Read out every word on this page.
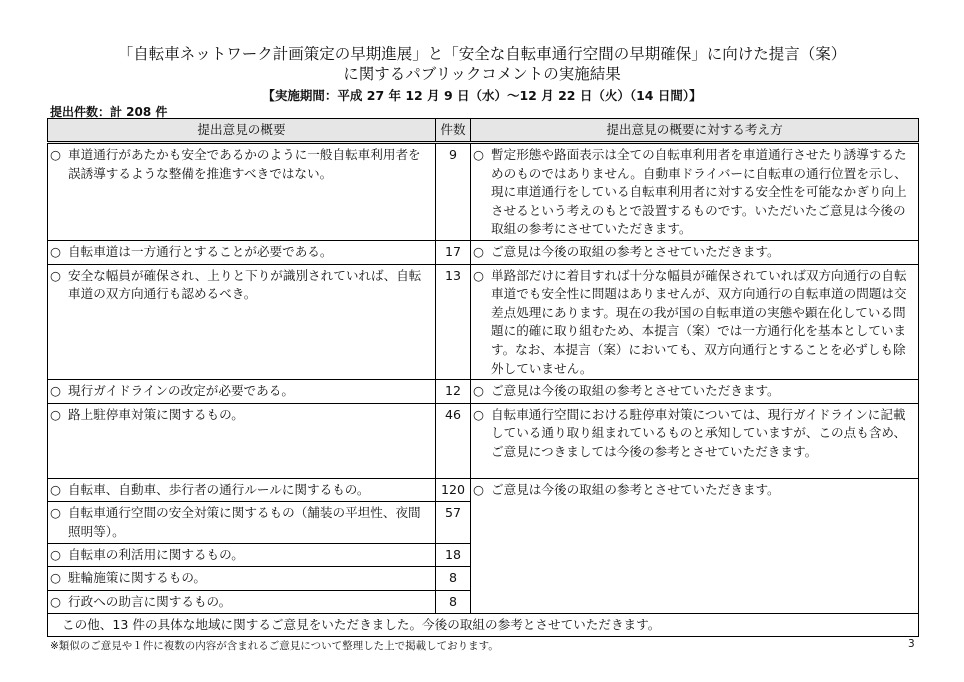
「自転車ネットワーク計画策定の早期進展」と「安全な自転車通行空間の早期確保」に向けた提言（案）
に関するパブリックコメントの実施結果
【実施期間：平成 27 年 12 月 9 日（水）～12 月 22 日（火）（14 日間）】
提出件数：計 208 件
提出意見の概要	件数	提出意見の概要に対する考え方
○ 車道通行があたかも安全であるかのように一般自転車利用者を誤誘導するような整備を推進すべきではない。	9	○ 暫定形態や路面表示は全ての自転車利用者を車道通行させたり誘導するためのものではありません。自動車ドライバーに自転車の通行位置を示し、現に車道通行をしている自転車利用者に対する安全性を可能なかぎり向上させるという考えのもとで設置するものです。いただいたご意見は今後の取組の参考にさせていただきます。
○ 自転車道は一方通行とすることが必要である。	17	○ ご意見は今後の取組の参考とさせていただきます。
○ 安全な幅員が確保され、上りと下りが識別されていれば、自転車道の双方向通行も認めるべき。	13	○ 単路部だけに着目すれば十分な幅員が確保されていれば双方向通行の自転車道でも安全性に問題はありませんが、双方向通行の自転車道の問題は交差点処理にあります。現在の我が国の自転車道の実態や顕在化している問題に的確に取り組むため、本提言（案）では一方通行化を基本としています。なお、本提言（案）においても、双方向通行とすることを必ずしも除外していません。
○ 現行ガイドラインの改定が必要である。	12	○ ご意見は今後の取組の参考とさせていただきます。
○ 路上駐停車対策に関するもの。	46	○ 自転車通行空間における駐停車対策については、現行ガイドラインに記載している通り取り組まれているものと承知していますが、この点も含め、ご意見につきましては今後の参考とさせていただきます。
○ 自転車、自動車、歩行者の通行ルールに関するもの。	120	○ ご意見は今後の取組の参考とさせていただきます。
○ 自転車通行空間の安全対策に関するもの（舗装の平坦性、夜間照明等）。	57	
○ 自転車の利活用に関するもの。	18	
○ 駐輪施策に関するもの。	8	
○ 行政への助言に関するもの。	8	
この他、13 件の具体な地域に関するご意見をいただきました。今後の取組の参考とさせていただきます。		
※類似のご意見や１件に複数の内容が含まれるご意見について整理した上で掲載しております。	3
